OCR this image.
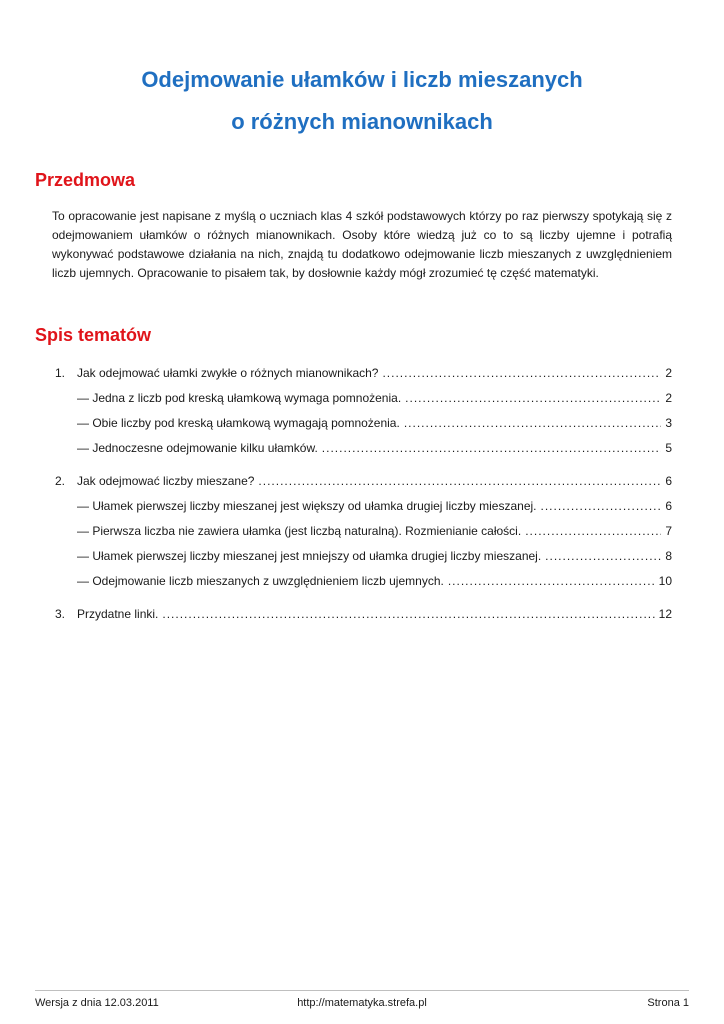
Odejmowanie ułamków i liczb mieszanych
o różnych mianownikach
Przedmowa

To opracowanie jest napisane z myślą o uczniach klas 4 szkół podstawowych którzy po raz pierwszy spotykają się z odejmowaniem ułamków o różnych mianownikach. Osoby które wiedzą już co to są liczby ujemne i potrafią wykonywać podstawowe działania na nich, znajdą tu dodatkowo odejmowanie liczb mieszanych z uwzględnieniem liczb ujemnych. Opracowanie to pisałem tak, by dosłownie każdy mógł zrozumieć tę część matematyki.

Spis tematów
1. Jak odejmować ułamki zwykłe o różnych mianownikach? .....	2
— Jedna z liczb pod kreską ułamkową wymaga pomnożenia. .....	2
— Obie liczby pod kreską ułamkową wymagają pomnożenia. .....	3
— Jednoczesne odejmowanie kilku ułamków. .....	5
2. Jak odejmować liczby mieszane? .....	6
— Ułamek pierwszej liczby mieszanej jest większy od ułamka drugiej liczby mieszanej. .....	6
— Pierwsza liczba nie zawiera ułamka (jest liczbą naturalną). Rozmienianie całości. .....	7
— Ułamek pierwszej liczby mieszanej jest mniejszy od ułamka drugiej liczby mieszanej. .....	8
— Odejmowanie liczb mieszanych z uwzględnieniem liczb ujemnych. .....	10
3. Przydatne linki. .....	12
Wersja z dnia 12.03.2011	http://matematyka.strefa.pl	Strona 1
